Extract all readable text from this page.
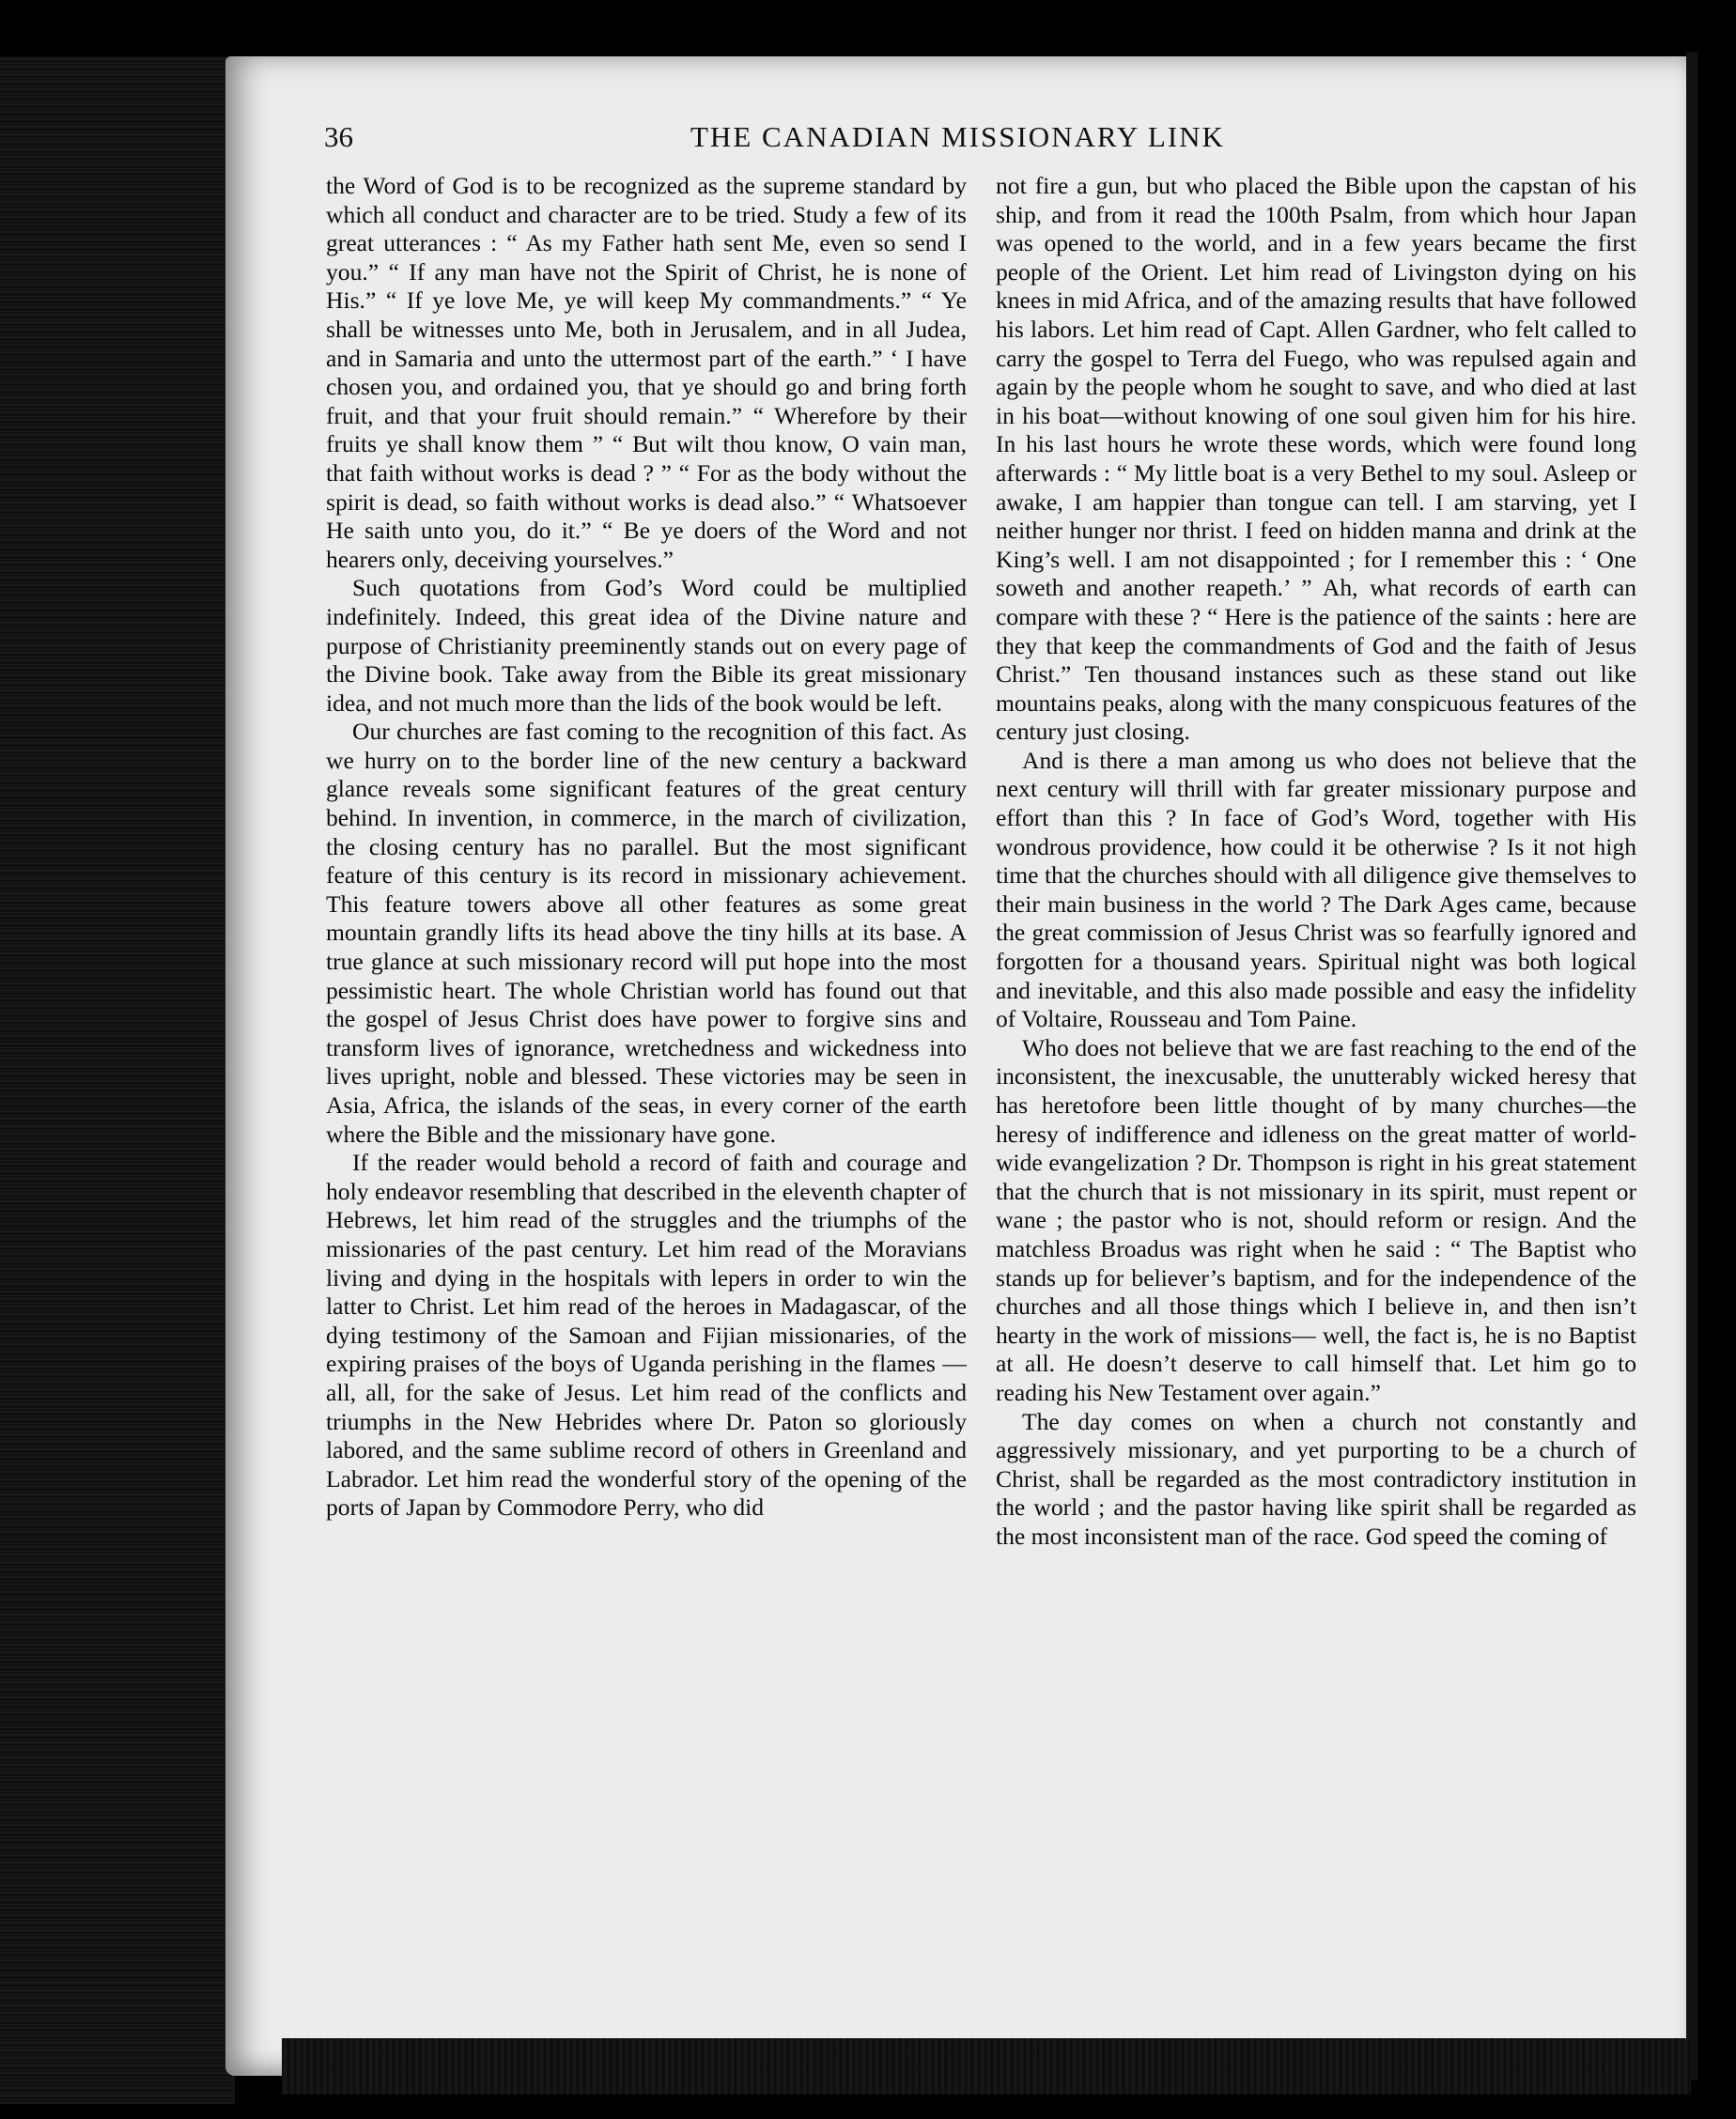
36	THE CANADIAN MISSIONARY LINK

the Word of God is to be recognized as the supreme standard by which all conduct and character are to be tried. Study a few of its great utterances : “ As my Father hath sent Me, even so send I you.” “ If any man have not the Spirit of Christ, he is none of His.” “ If ye love Me, ye will keep My commandments.” “ Ye shall be witnesses unto Me, both in Jerusalem, and in all Judea, and in Samaria and unto the uttermost part of the earth.” ‘ I have chosen you, and ordained you, that ye should go and bring forth fruit, and that your fruit should remain.” “ Wherefore by their fruits ye shall know them ” “ But wilt thou know, O vain man, that faith without works is dead ? ” “ For as the body without the spirit is dead, so faith without works is dead also.” “ Whatsoever He saith unto you, do it.” “ Be ye doers of the Word and not hearers only, deceiving yourselves.”

Such quotations from God’s Word could be multiplied indefinitely. Indeed, this great idea of the Divine nature and purpose of Christianity preeminently stands out on every page of the Divine book. Take away from the Bible its great missionary idea, and not much more than the lids of the book would be left.

Our churches are fast coming to the recognition of this fact. As we hurry on to the border line of the new century a backward glance reveals some significant features of the great century behind. In invention, in commerce, in the march of civilization, the closing century has no parallel. But the most significant feature of this century is its record in missionary achievement. This feature towers above all other features as some great mountain grandly lifts its head above the tiny hills at its base. A true glance at such missionary record will put hope into the most pessimistic heart. The whole Christian world has found out that the gospel of Jesus Christ does have power to forgive sins and transform lives of ignorance, wretchedness and wickedness into lives upright, noble and blessed. These victories may be seen in Asia, Africa, the islands of the seas, in every corner of the earth where the Bible and the missionary have gone.

If the reader would behold a record of faith and courage and holy endeavor resembling that described in the eleventh chapter of Hebrews, let him read of the struggles and the triumphs of the missionaries of the past century. Let him read of the Moravians living and dying in the hospitals with lepers in order to win the latter to Christ. Let him read of the heroes in Madagascar, of the dying testimony of the Samoan and Fijian missionaries, of the expiring praises of the boys of Uganda perishing in the flames —all, all, for the sake of Jesus. Let him read of the conflicts and triumphs in the New Hebrides where Dr. Paton so gloriously labored, and the same sublime record of others in Greenland and Labrador. Let him read the wonderful story of the opening of the ports of Japan by Commodore Perry, who did

not fire a gun, but who placed the Bible upon the capstan of his ship, and from it read the 100th Psalm, from which hour Japan was opened to the world, and in a few years became the first people of the Orient. Let him read of Livingston dying on his knees in mid Africa, and of the amazing results that have followed his labors. Let him read of Capt. Allen Gardner, who felt called to carry the gospel to Terra del Fuego, who was repulsed again and again by the people whom he sought to save, and who died at last in his boat—without knowing of one soul given him for his hire. In his last hours he wrote these words, which were found long afterwards : “ My little boat is a very Bethel to my soul. Asleep or awake, I am happier than tongue can tell. I am starving, yet I neither hunger nor thrist. I feed on hidden manna and drink at the King’s well. I am not disappointed ; for I remember this : ‘ One soweth and another reapeth.’ ” Ah, what records of earth can compare with these ? “ Here is the patience of the saints : here are they that keep the commandments of God and the faith of Jesus Christ.” Ten thousand instances such as these stand out like mountains peaks, along with the many conspicuous features of the century just closing.

And is there a man among us who does not believe that the next century will thrill with far greater missionary purpose and effort than this ? In face of God’s Word, together with His wondrous providence, how could it be otherwise ? Is it not high time that the churches should with all diligence give themselves to their main business in the world ? The Dark Ages came, because the great commission of Jesus Christ was so fearfully ignored and forgotten for a thousand years. Spiritual night was both logical and inevitable, and this also made possible and easy the infidelity of Voltaire, Rousseau and Tom Paine.

Who does not believe that we are fast reaching to the end of the inconsistent, the inexcusable, the unutterably wicked heresy that has heretofore been little thought of by many churches—the heresy of indifference and idleness on the great matter of world-wide evangelization ? Dr. Thompson is right in his great statement that the church that is not missionary in its spirit, must repent or wane ; the pastor who is not, should reform or resign. And the matchless Broadus was right when he said : “ The Baptist who stands up for believer’s baptism, and for the independence of the churches and all those things which I believe in, and then isn’t hearty in the work of missions— well, the fact is, he is no Baptist at all. He doesn’t deserve to call himself that. Let him go to reading his New Testament over again.”

The day comes on when a church not constantly and aggressively missionary, and yet purporting to be a church of Christ, shall be regarded as the most contradictory institution in the world ; and the pastor having like spirit shall be regarded as the most inconsistent man of the race. God speed the coming of
